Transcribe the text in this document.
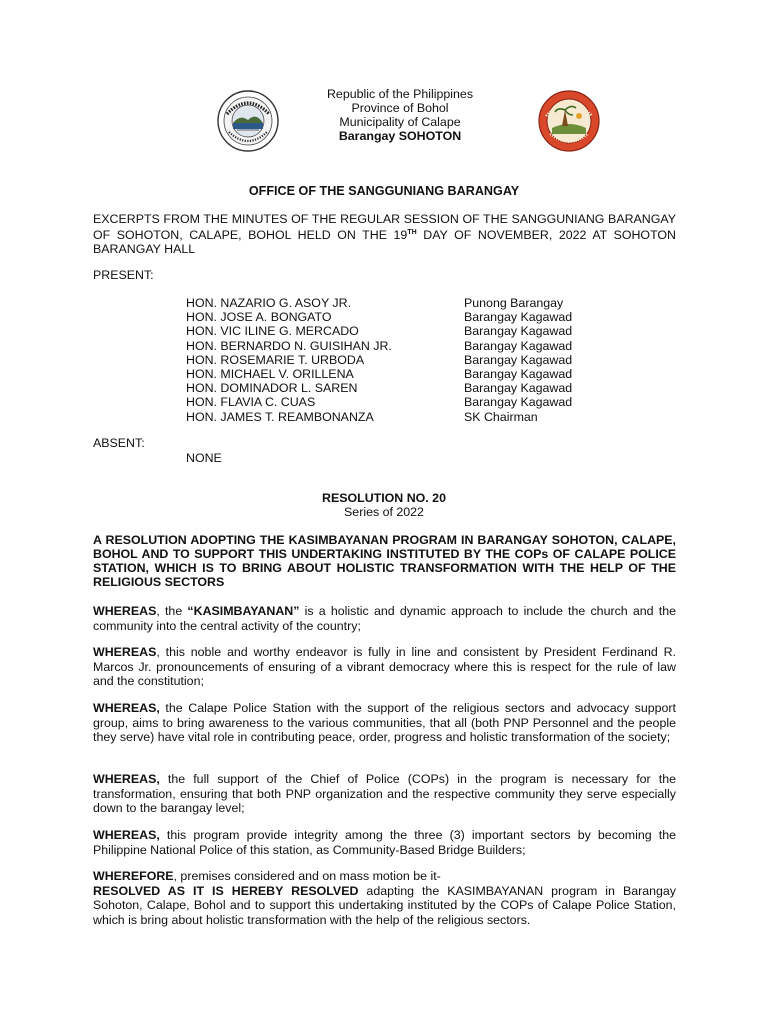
Republic of the Philippines
Province of Bohol
Municipality of Calape
Barangay SOHOTON
OFFICE OF THE SANGGUNIANG BARANGAY

EXCERPTS FROM THE MINUTES OF THE REGULAR SESSION OF THE SANGGUNIANG BARANGAY OF SOHOTON, CALAPE, BOHOL HELD ON THE 19TH DAY OF NOVEMBER, 2022 AT SOHOTON BARANGAY HALL

PRESENT:
HON. NAZARIO G. ASOY JR.	Punong Barangay
HON. JOSE A. BONGATO	Barangay Kagawad
HON. VIC ILINE G. MERCADO	Barangay Kagawad
HON. BERNARDO N. GUISIHAN JR.	Barangay Kagawad
HON. ROSEMARIE T. URBODA	Barangay Kagawad
HON. MICHAEL V. ORILLENA	Barangay Kagawad
HON. DOMINADOR L. SAREN	Barangay Kagawad
HON. FLAVIA C. CUAS	Barangay Kagawad
HON. JAMES T. REAMBONANZA	SK Chairman
ABSENT:
NONE
RESOLUTION NO. 20
Series of 2022

A RESOLUTION ADOPTING THE KASIMBAYANAN PROGRAM IN BARANGAY SOHOTON, CALAPE, BOHOL AND TO SUPPORT THIS UNDERTAKING INSTITUTED BY THE COPs OF CALAPE POLICE STATION, WHICH IS TO BRING ABOUT HOLISTIC TRANSFORMATION WITH THE HELP OF THE RELIGIOUS SECTORS

WHEREAS, the “KASIMBAYANAN” is a holistic and dynamic approach to include the church and the community into the central activity of the country;

WHEREAS, this noble and worthy endeavor is fully in line and consistent by President Ferdinand R. Marcos Jr. pronouncements of ensuring of a vibrant democracy where this is respect for the rule of law and the constitution;

WHEREAS, the Calape Police Station with the support of the religious sectors and advocacy support group, aims to bring awareness to the various communities, that all (both PNP Personnel and the people they serve) have vital role in contributing peace, order, progress and holistic transformation of the society;

WHEREAS, the full support of the Chief of Police (COPs) in the program is necessary for the transformation, ensuring that both PNP organization and the respective community they serve especially down to the barangay level;

WHEREAS, this program provide integrity among the three (3) important sectors by becoming the Philippine National Police of this station, as Community-Based Bridge Builders;

WHEREFORE, premises considered and on mass motion be it-

RESOLVED AS IT IS HEREBY RESOLVED adapting the KASIMBAYANAN program in Barangay Sohoton, Calape, Bohol and to support this undertaking instituted by the COPs of Calape Police Station, which is bring about holistic transformation with the help of the religious sectors.
